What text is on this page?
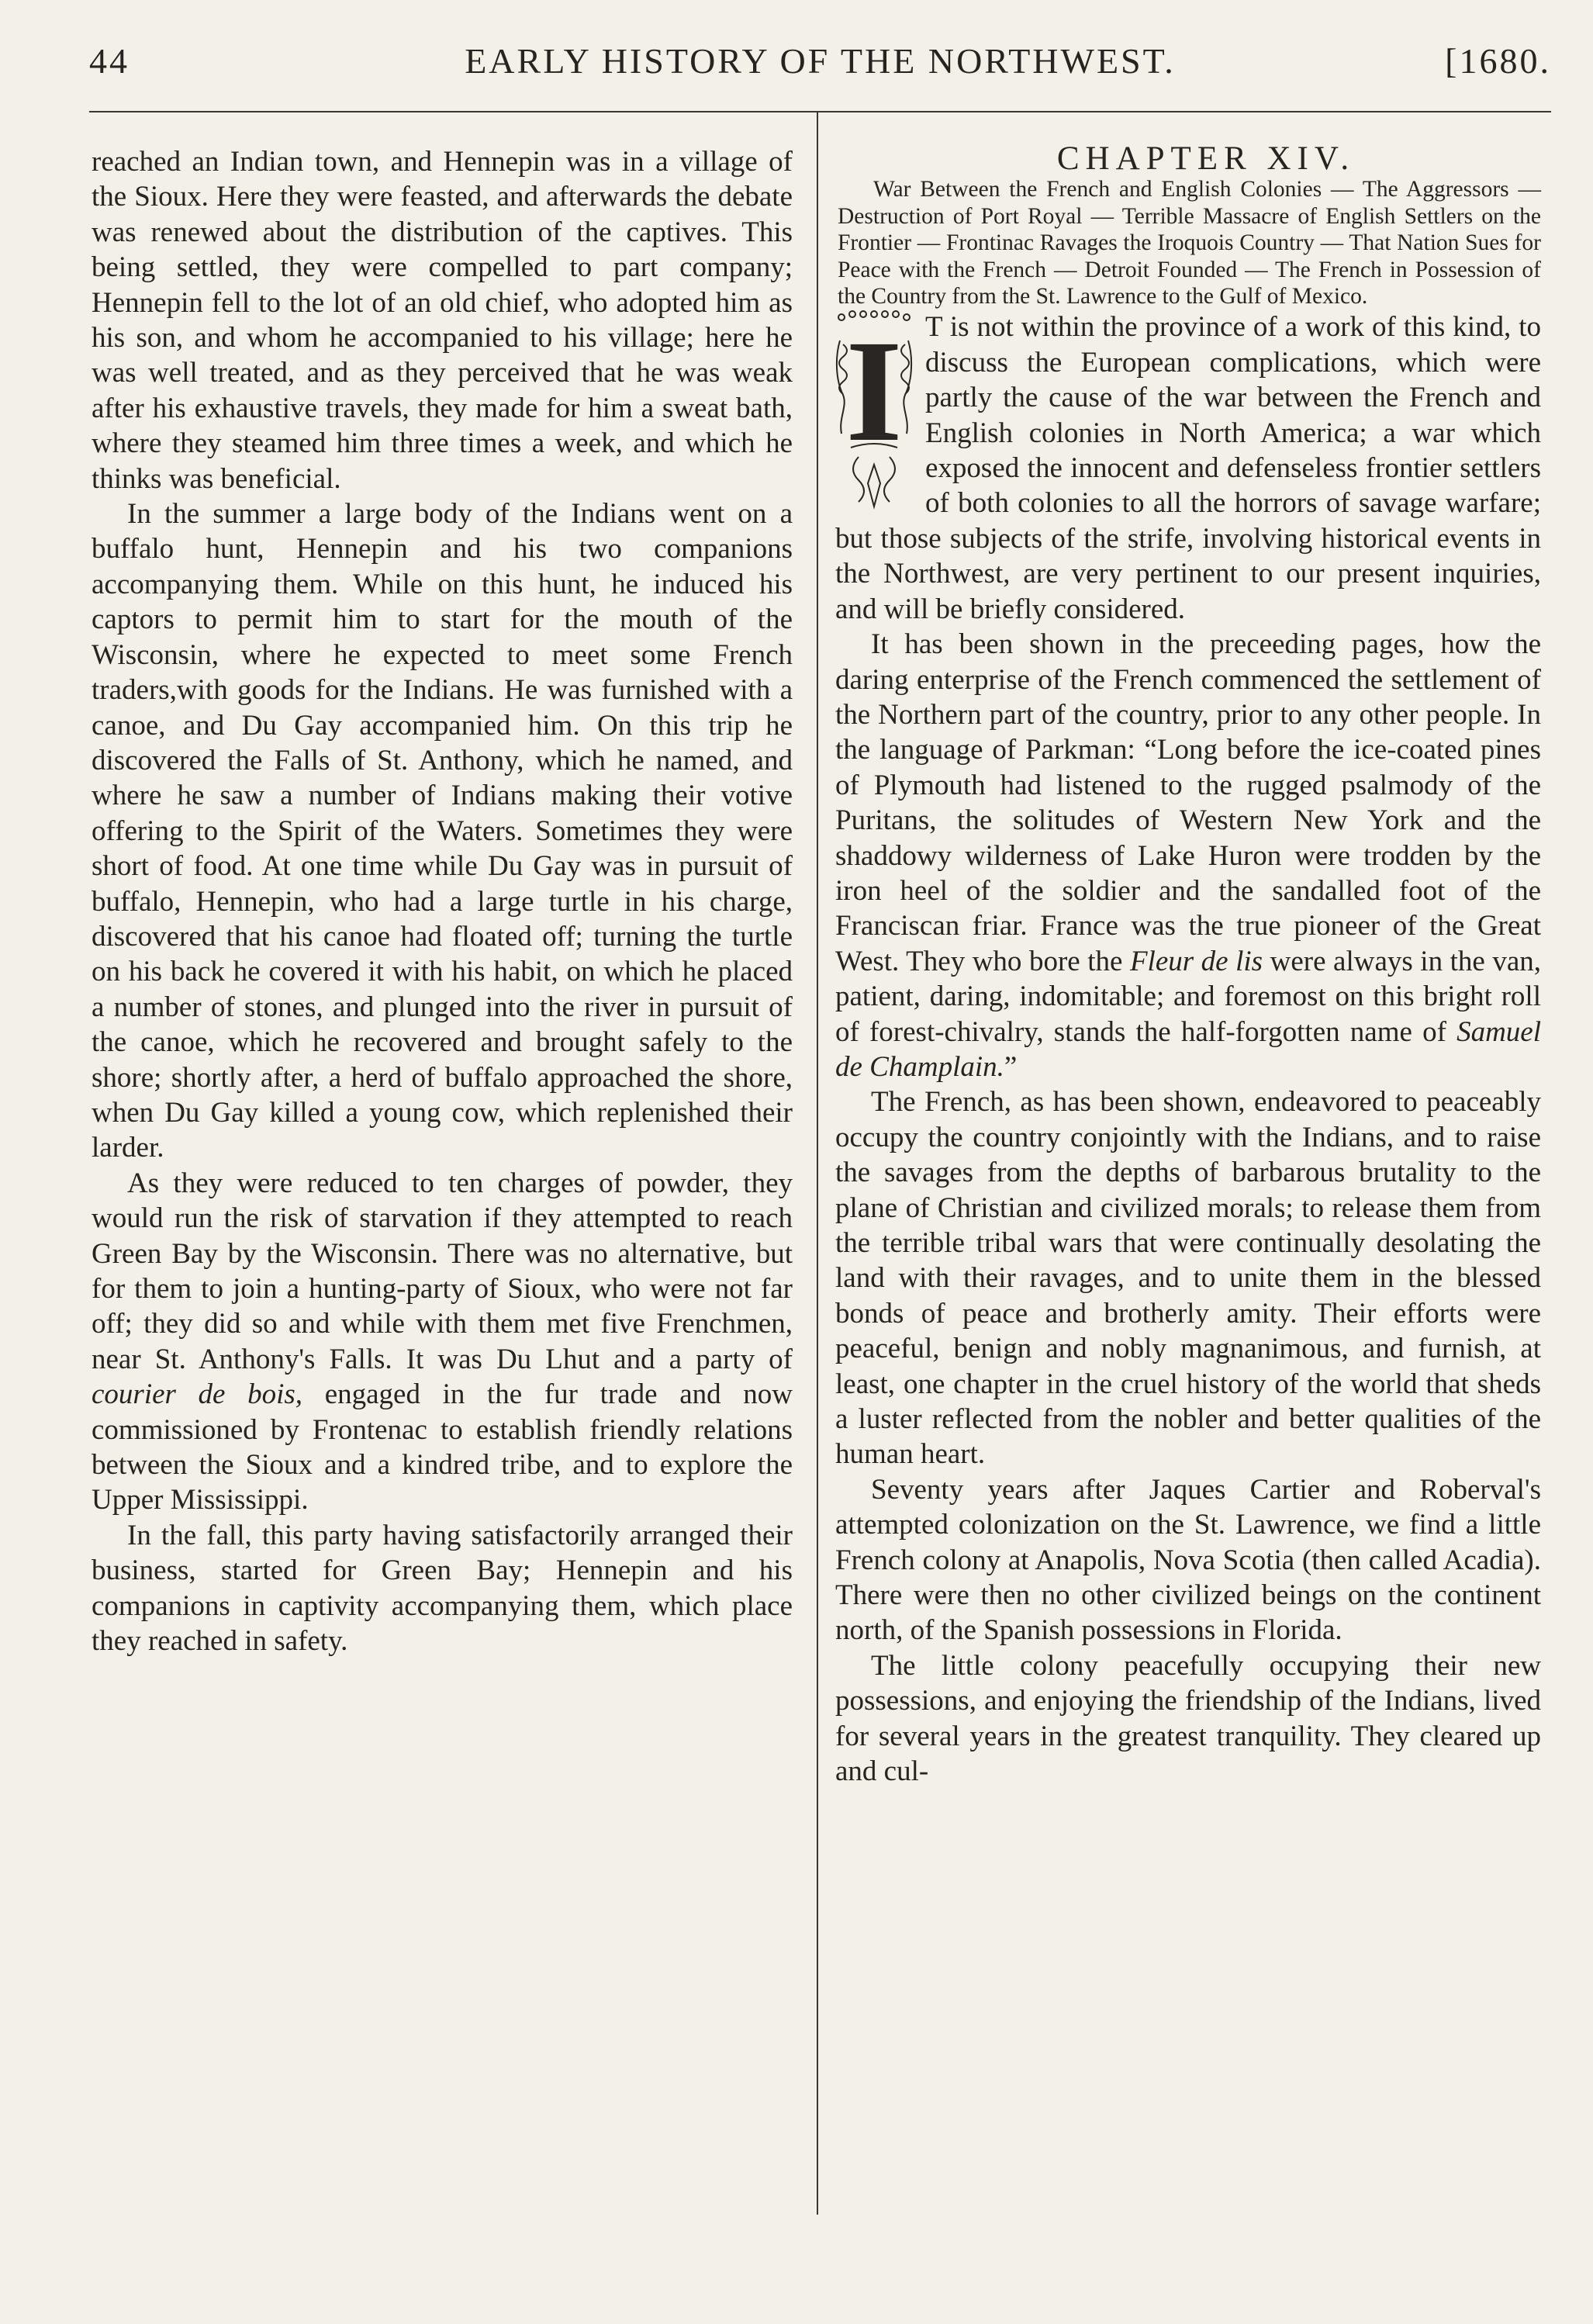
44	EARLY HISTORY OF THE NORTHWEST.	[1680.

reached an Indian town, and Hennepin was in a village of the Sioux. Here they were feasted, and afterwards the debate was renewed about the distribution of the captives. This being settled, they were compelled to part company; Hennepin fell to the lot of an old chief, who adopted him as his son, and whom he accompanied to his village; here he was well treated, and as they perceived that he was weak after his exhaustive travels, they made for him a sweat bath, where they steamed him three times a week, and which he thinks was beneficial.

In the summer a large body of the Indians went on a buffalo hunt, Hennepin and his two companions accompanying them. While on this hunt, he induced his captors to permit him to start for the mouth of the Wisconsin, where he expected to meet some French traders,with goods for the Indians. He was furnished with a canoe, and Du Gay accompanied him. On this trip he discovered the Falls of St. Anthony, which he named, and where he saw a number of Indians making their votive offering to the Spirit of the Waters. Sometimes they were short of food. At one time while Du Gay was in pursuit of buffalo, Hennepin, who had a large turtle in his charge, discovered that his canoe had floated off; turning the turtle on his back he covered it with his habit, on which he placed a number of stones, and plunged into the river in pursuit of the canoe, which he recovered and brought safely to the shore; shortly after, a herd of buffalo approached the shore, when Du Gay killed a young cow, which replenished their larder.

As they were reduced to ten charges of powder, they would run the risk of starvation if they attempted to reach Green Bay by the Wisconsin. There was no alternative, but for them to join a hunting-party of Sioux, who were not far off; they did so and while with them met five Frenchmen, near St. Anthony's Falls. It was Du Lhut and a party of courier de bois, engaged in the fur trade and now commissioned by Frontenac to establish friendly relations between the Sioux and a kindred tribe, and to explore the Upper Mississippi.

In the fall, this party having satisfactorily arranged their business, started for Green Bay; Hennepin and his companions in captivity accompanying them, which place they reached in safety.

CHAPTER XIV.

War Between the French and English Colonies — The Aggressors — Destruction of Port Royal — Terrible Massacre of English Settlers on the Frontier — Frontinac Ravages the Iroquois Country — That Nation Sues for Peace with the French — Detroit Founded — The French in Possession of the Country from the St. Lawrence to the Gulf of Mexico.

I T is not within the province of a work of this kind, to discuss the European complications, which were partly the cause of the war between the French and English colonies in North America; a war which exposed the innocent and defenseless frontier settlers of both colonies to all the horrors of savage warfare; but those subjects of the strife, involving historical events in the Northwest, are very pertinent to our present inquiries, and will be briefly considered.

It has been shown in the preceeding pages, how the daring enterprise of the French commenced the settlement of the Northern part of the country, prior to any other people. In the language of Parkman: “Long before the ice-coated pines of Plymouth had listened to the rugged psalmody of the Puritans, the solitudes of Western New York and the shaddowy wilderness of Lake Huron were trodden by the iron heel of the soldier and the sandalled foot of the Franciscan friar. France was the true pioneer of the Great West. They who bore the Fleur de lis were always in the van, patient, daring, indomitable; and foremost on this bright roll of forest-chivalry, stands the half-forgotten name of Samuel de Champlain.”

The French, as has been shown, endeavored to peaceably occupy the country conjointly with the Indians, and to raise the savages from the depths of barbarous brutality to the plane of Christian and civilized morals; to release them from the terrible tribal wars that were continually desolating the land with their ravages, and to unite them in the blessed bonds of peace and brotherly amity. Their efforts were peaceful, benign and nobly magnanimous, and furnish, at least, one chapter in the cruel history of the world that sheds a luster reflected from the nobler and better qualities of the human heart.

Seventy years after Jaques Cartier and Roberval's attempted colonization on the St. Lawrence, we find a little French colony at Anapolis, Nova Scotia (then called Acadia). There were then no other civilized beings on the continent north, of the Spanish possessions in Florida.

The little colony peacefully occupying their new possessions, and enjoying the friendship of the Indians, lived for several years in the greatest tranquility. They cleared up and cul-
